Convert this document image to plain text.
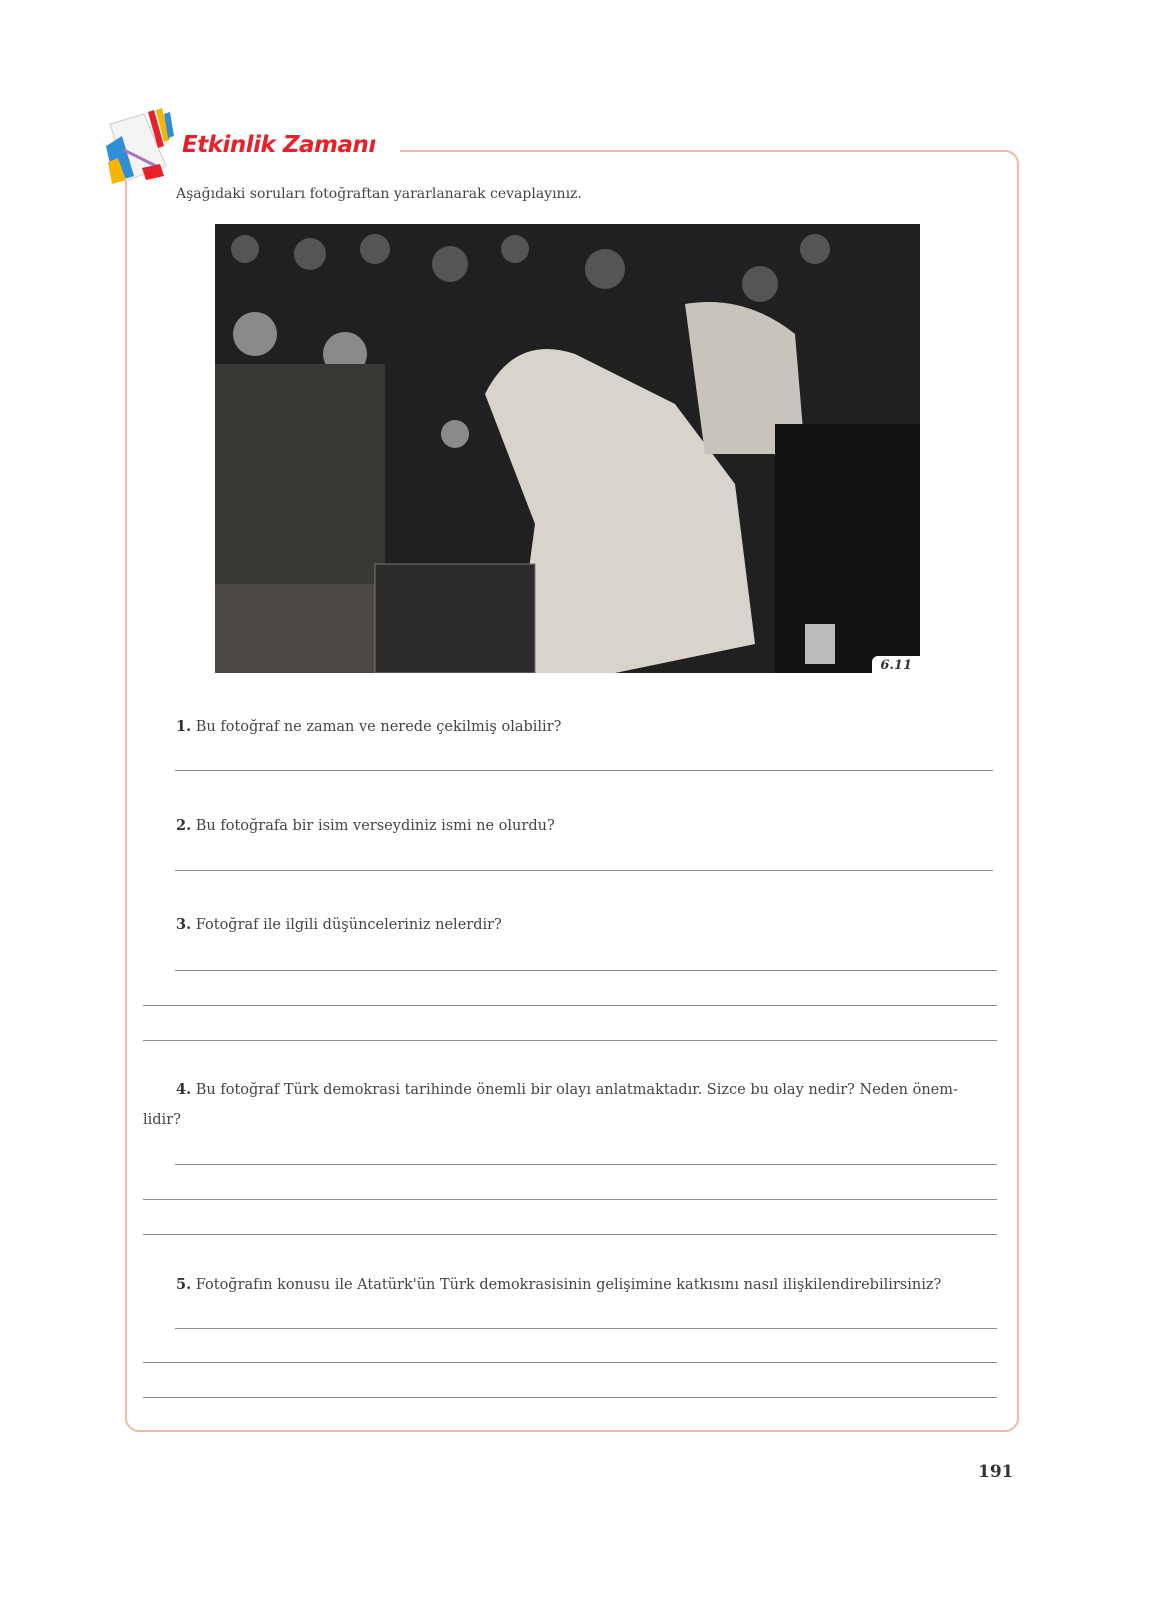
Etkinlik Zamanı
Aşağıdaki soruları fotoğraftan yararlanarak cevaplayınız.
6.11
1. Bu fotoğraf ne zaman ve nerede çekilmiş olabilir?
2. Bu fotoğrafa bir isim verseydiniz ismi ne olurdu?
3. Fotoğraf ile ilgili düşünceleriniz nelerdir?
4. Bu fotoğraf Türk demokrasi tarihinde önemli bir olayı anlatmaktadır. Sizce bu olay nedir? Neden önem-
lidir?
5. Fotoğrafın konusu ile Atatürk'ün Türk demokrasisinin gelişimine katkısını nasıl ilişkilendirebilirsiniz?
191
